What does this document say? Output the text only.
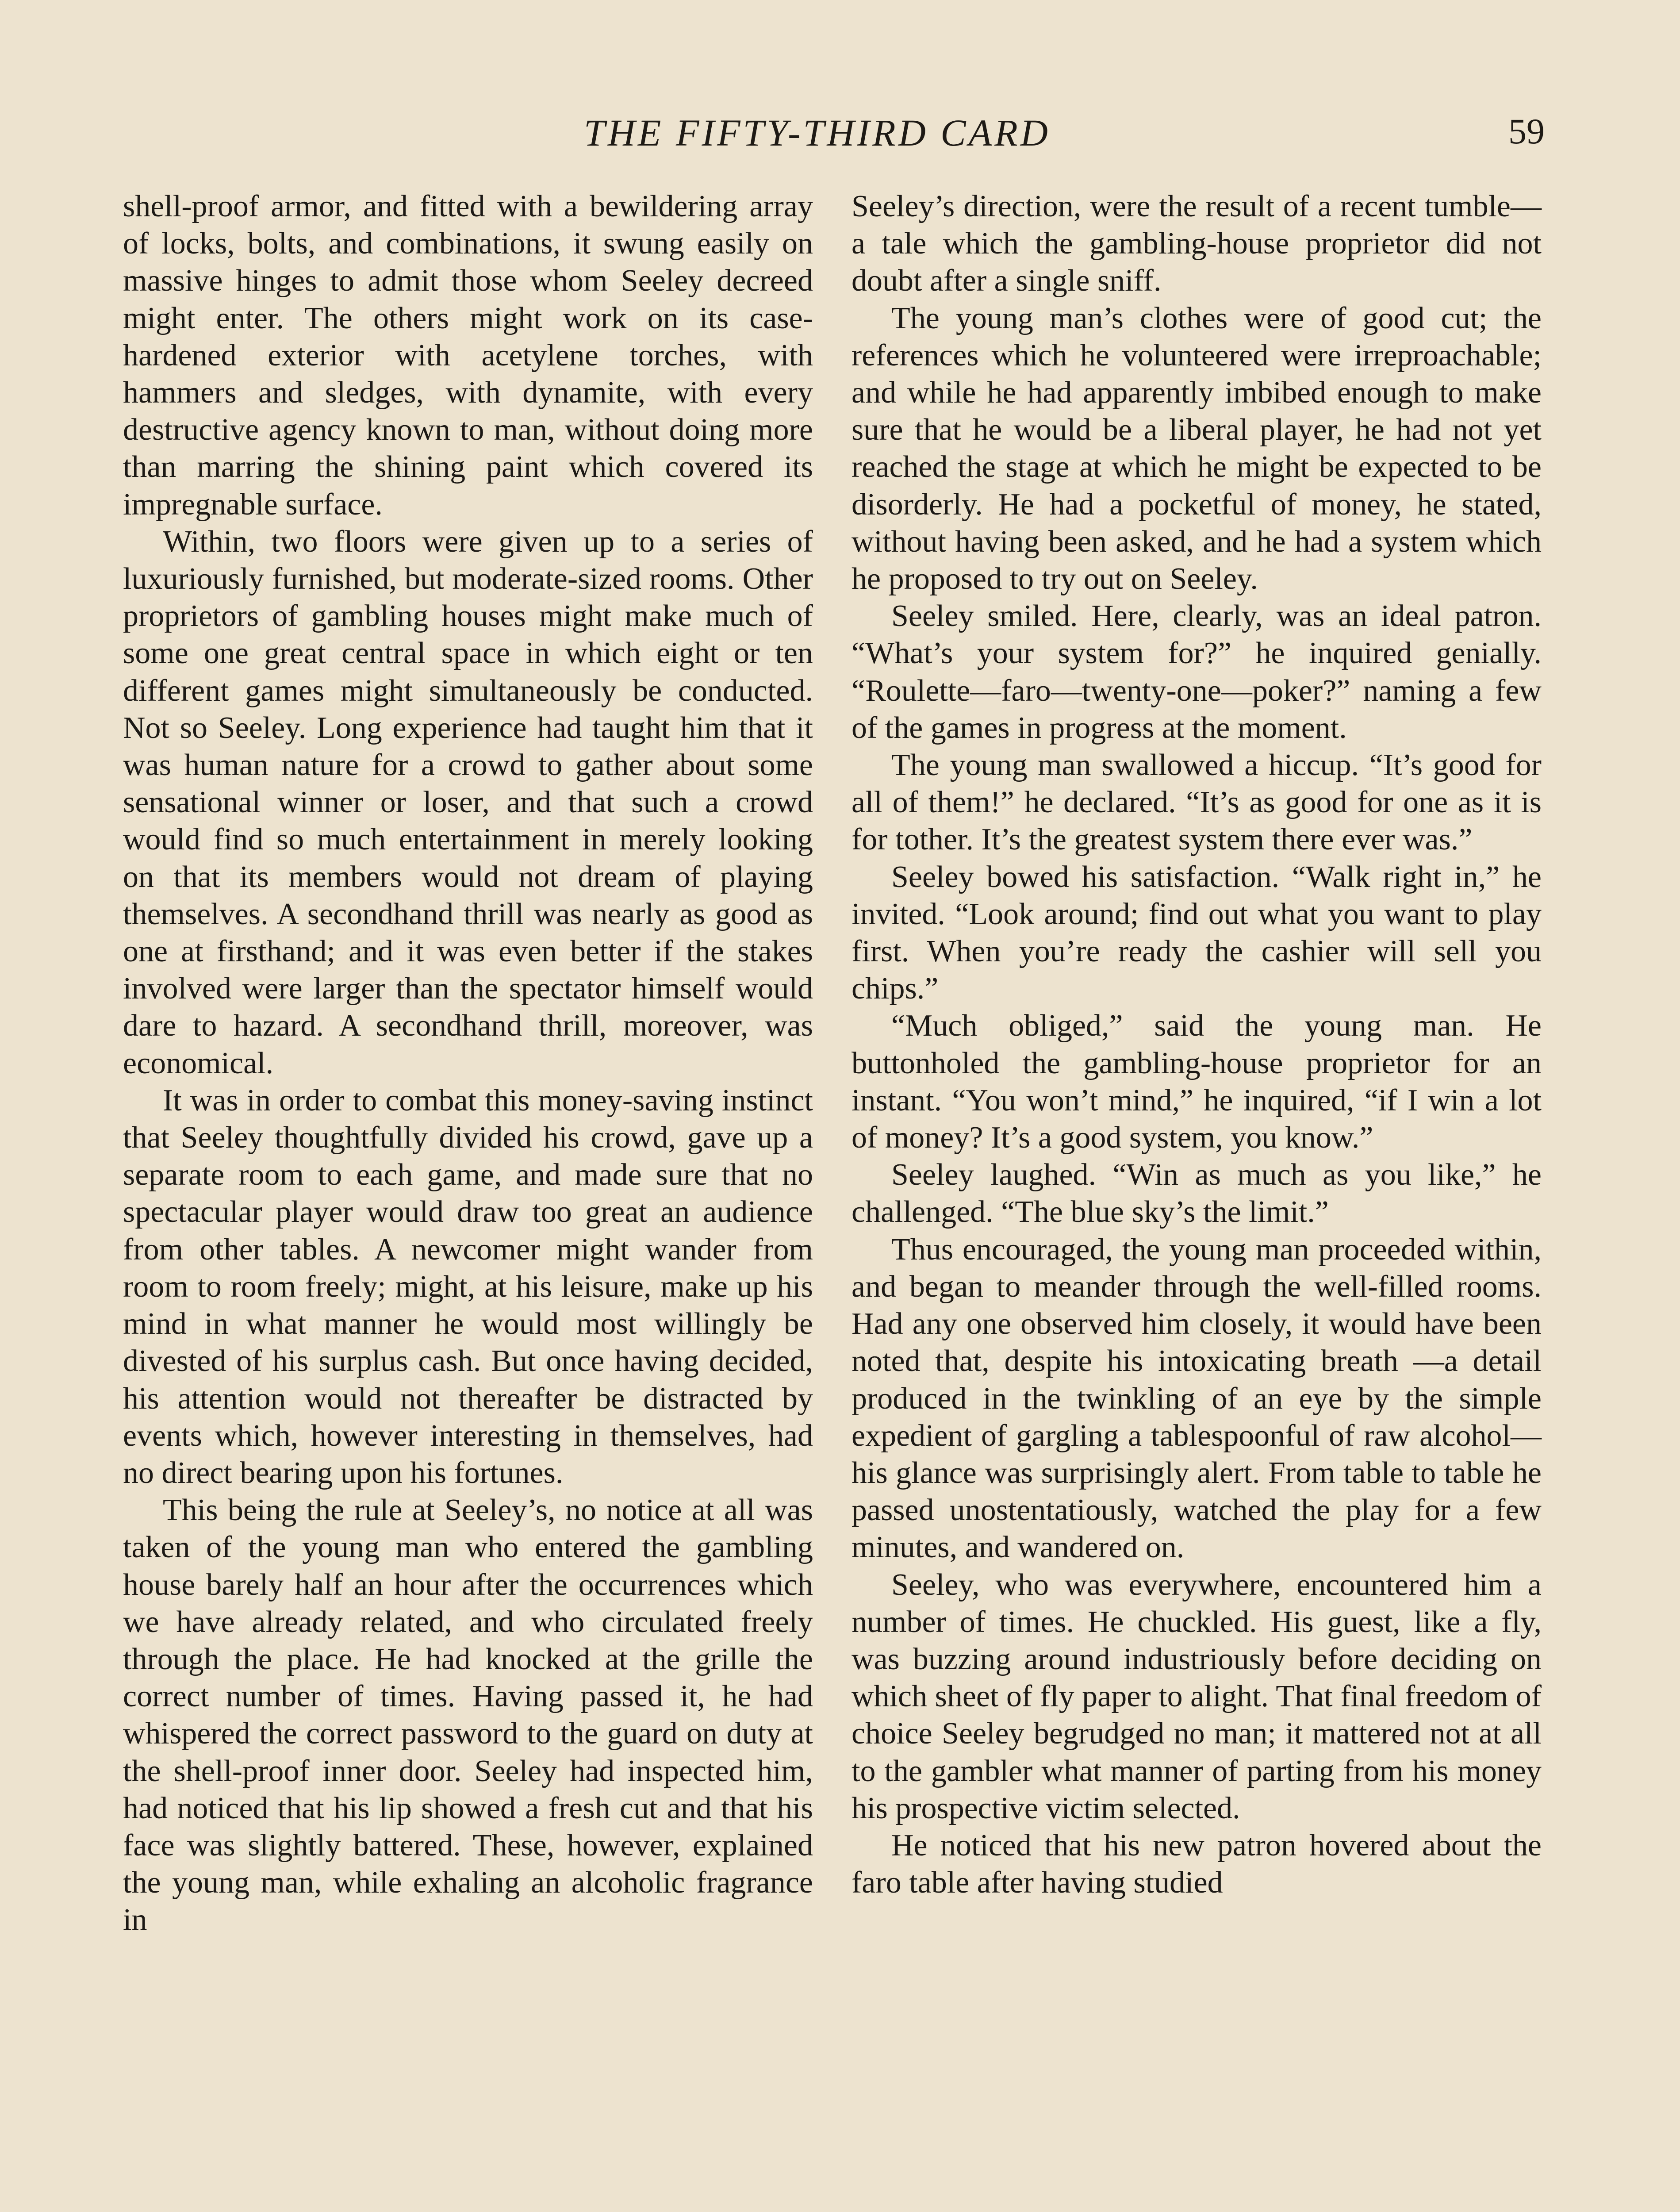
THE FIFTY-THIRD CARD	59

shell-proof armor, and fitted with a bewildering array of locks, bolts, and combinations, it swung easily on massive hinges to admit those whom Seeley decreed might enter. The others might work on its case-hardened exterior with acetylene torches, with hammers and sledges, with dynamite, with every destructive agency known to man, without doing more than marring the shining paint which covered its impregnable surface.

Within, two floors were given up to a series of luxuriously furnished, but moderate-sized rooms. Other proprietors of gambling houses might make much of some one great central space in which eight or ten different games might simultaneously be conducted. Not so Seeley. Long experience had taught him that it was human nature for a crowd to gather about some sensational winner or loser, and that such a crowd would find so much entertainment in merely looking on that its members would not dream of playing themselves. A secondhand thrill was nearly as good as one at firsthand; and it was even better if the stakes involved were larger than the spectator himself would dare to hazard. A secondhand thrill, moreover, was economical.

It was in order to combat this money-saving instinct that Seeley thoughtfully divided his crowd, gave up a separate room to each game, and made sure that no spectacular player would draw too great an audience from other tables. A newcomer might wander from room to room freely; might, at his leisure, make up his mind in what manner he would most willingly be divested of his surplus cash. But once having decided, his attention would not thereafter be distracted by events which, however interesting in themselves, had no direct bearing upon his fortunes.

This being the rule at Seeley’s, no notice at all was taken of the young man who entered the gambling house barely half an hour after the occurrences which we have already related, and who circulated freely through the place. He had knocked at the grille the correct number of times. Having passed it, he had whispered the correct password to the guard on duty at the shell-proof inner door. Seeley had inspected him, had noticed that his lip showed a fresh cut and that his face was slightly battered. These, however, explained the young man, while exhaling an alcoholic fragrance in

Seeley’s direction, were the result of a recent tumble—a tale which the gambling-house proprietor did not doubt after a single sniff.

The young man’s clothes were of good cut; the references which he volunteered were irreproachable; and while he had apparently imbibed enough to make sure that he would be a liberal player, he had not yet reached the stage at which he might be expected to be disorderly. He had a pocketful of money, he stated, without having been asked, and he had a system which he proposed to try out on Seeley.

Seeley smiled. Here, clearly, was an ideal patron. “What’s your system for?” he inquired genially. “Roulette—faro—twenty-one—poker?” naming a few of the games in progress at the moment.

The young man swallowed a hiccup. “It’s good for all of them!” he declared. “It’s as good for one as it is for tother. It’s the greatest system there ever was.”

Seeley bowed his satisfaction. “Walk right in,” he invited. “Look around; find out what you want to play first. When you’re ready the cashier will sell you chips.”

“Much obliged,” said the young man. He buttonholed the gambling-house proprietor for an instant. “You won’t mind,” he inquired, “if I win a lot of money? It’s a good system, you know.”

Seeley laughed. “Win as much as you like,” he challenged. “The blue sky’s the limit.”

Thus encouraged, the young man proceeded within, and began to meander through the well-filled rooms. Had any one observed him closely, it would have been noted that, despite his intoxicating breath —a detail produced in the twinkling of an eye by the simple expedient of gargling a tablespoonful of raw alcohol—his glance was surprisingly alert. From table to table he passed unostentatiously, watched the play for a few minutes, and wandered on.

Seeley, who was everywhere, encountered him a number of times. He chuckled. His guest, like a fly, was buzzing around industriously before deciding on which sheet of fly paper to alight. That final freedom of choice Seeley begrudged no man; it mattered not at all to the gambler what manner of parting from his money his prospective victim selected.

He noticed that his new patron hovered about the faro table after having studied
